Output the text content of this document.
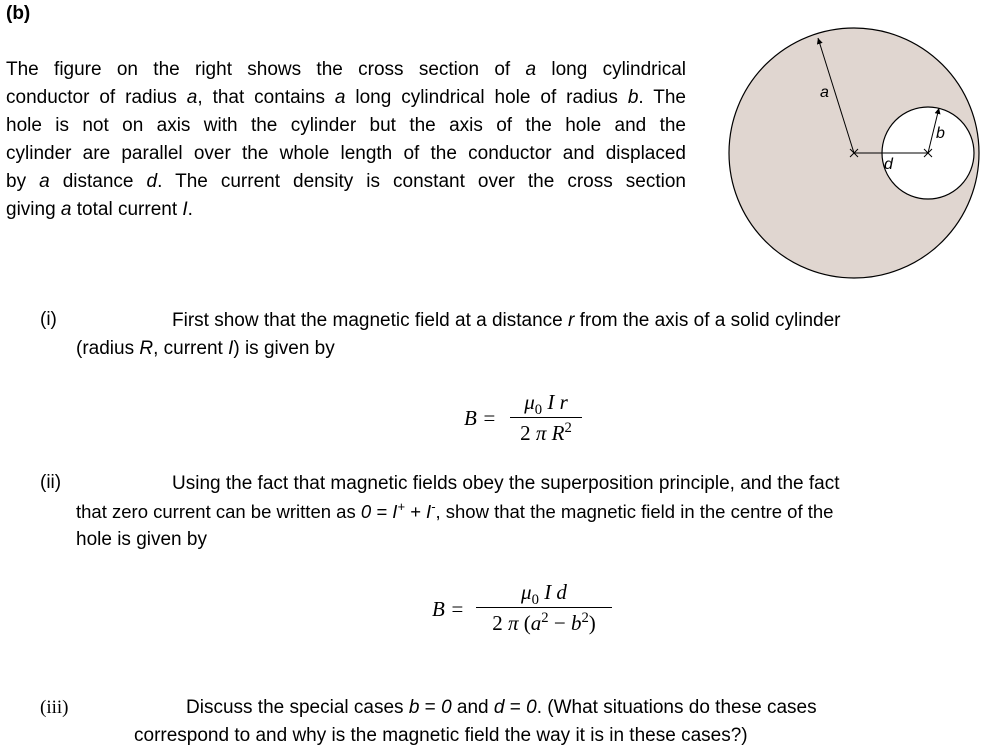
(b)
The figure on the right shows the cross section of a long cylindrical
conductor of radius a, that contains a long cylindrical hole of radius b. The
hole is not on axis with the cylinder but the axis of the hole and the
cylinder are parallel over the whole length of the conductor and displaced
by a distance d. The current density is constant over the cross section
giving a total current I.
a
b
d
(i)	First show that the magnetic field at a distance r from the axis of a solid cylinder
(radius R, current I) is given by
B =
$\mu_0$ I r
2 π $R^2$
(ii)	Using the fact that magnetic fields obey the superposition principle, and the fact
that zero current can be written as 0 = I+ + I-, show that the magnetic field in the centre of the
hole is given by
B =
$\mu_0$ I d
2 π $(a^2 - b^2)$
(iii)	Discuss the special cases b = 0 and d = 0. (What situations do these cases
correspond to and why is the magnetic field the way it is in these cases?)
